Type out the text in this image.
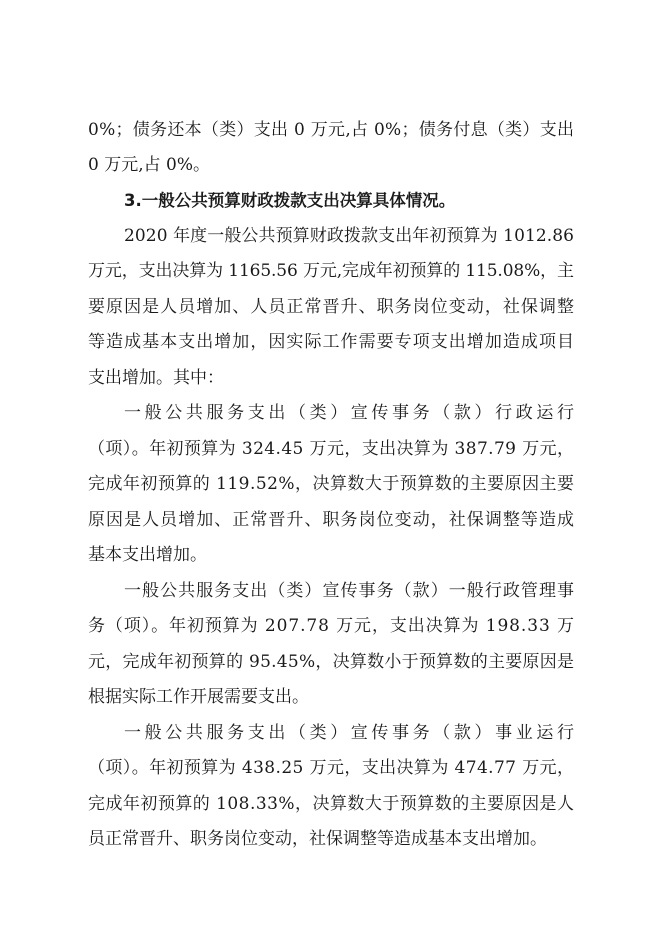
0%；债务还本（类）支出 0 万元,占 0%；债务付息（类）支出
0 万元,占 0%。
3.一般公共预算财政拨款支出决算具体情况。
2020 年度一般公共预算财政拨款支出年初预算为 1012.86
万元，支出决算为 1165.56 万元,完成年初预算的 115.08%，主
要原因是人员增加、人员正常晋升、职务岗位变动，社保调整
等造成基本支出增加，因实际工作需要专项支出增加造成项目
支出增加。其中：
一般公共服务支出（类）宣传事务（款）行政运行
（项）。年初预算为 324.45 万元，支出决算为 387.79 万元，
完成年初预算的 119.52%，决算数大于预算数的主要原因主要
原因是人员增加、正常晋升、职务岗位变动，社保调整等造成
基本支出增加。
一般公共服务支出（类）宣传事务（款）一般行政管理事
务（项）。年初预算为 207.78 万元，支出决算为 198.33 万
元，完成年初预算的 95.45%，决算数小于预算数的主要原因是
根据实际工作开展需要支出。
一般公共服务支出（类）宣传事务（款）事业运行
（项）。年初预算为 438.25 万元，支出决算为 474.77 万元，
完成年初预算的 108.33%，决算数大于预算数的主要原因是人
员正常晋升、职务岗位变动，社保调整等造成基本支出增加。
